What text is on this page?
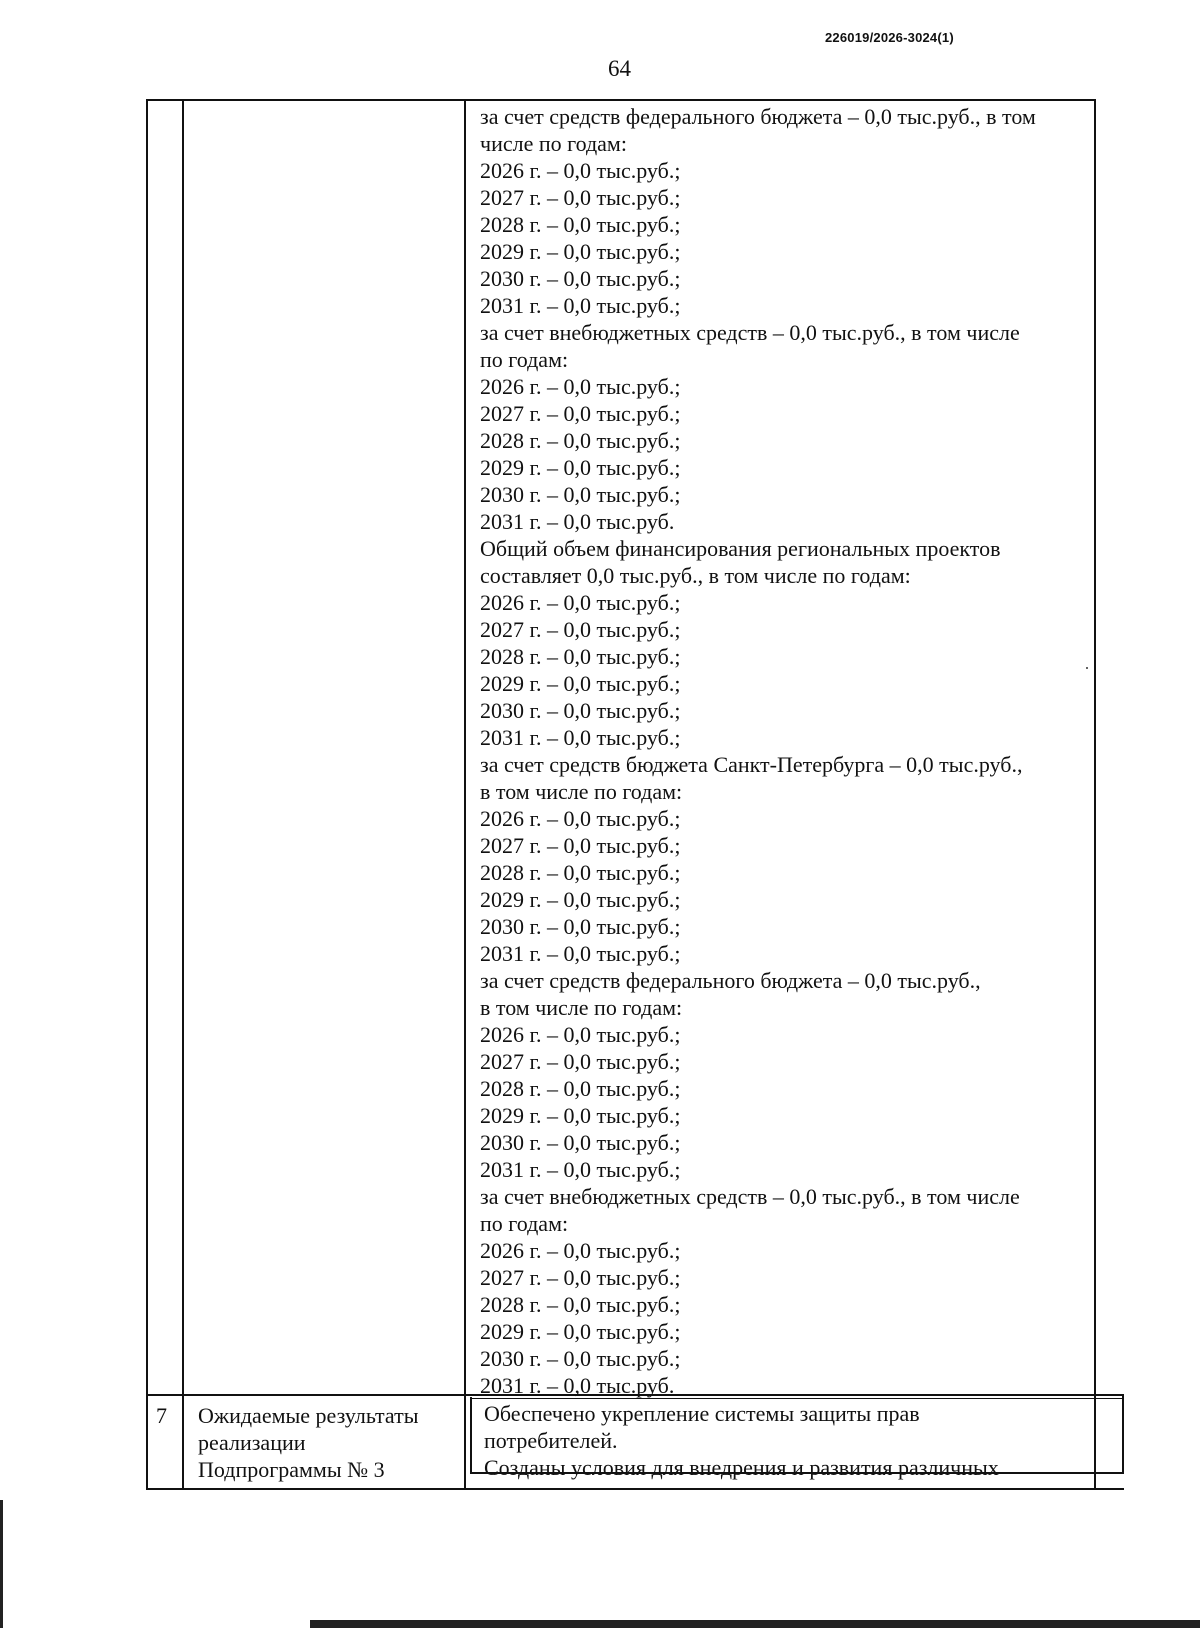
226019/2026-3024(1)
64
за счет средств федерального бюджета – 0,0 тыс.руб., в том
числе по годам:
2026 г. – 0,0 тыс.руб.;
2027 г. – 0,0 тыс.руб.;
2028 г. – 0,0 тыс.руб.;
2029 г. – 0,0 тыс.руб.;
2030 г. – 0,0 тыс.руб.;
2031 г. – 0,0 тыс.руб.;
за счет внебюджетных средств – 0,0 тыс.руб., в том числе
по годам:
2026 г. – 0,0 тыс.руб.;
2027 г. – 0,0 тыс.руб.;
2028 г. – 0,0 тыс.руб.;
2029 г. – 0,0 тыс.руб.;
2030 г. – 0,0 тыс.руб.;
2031 г. – 0,0 тыс.руб.
Общий объем финансирования региональных проектов
составляет 0,0 тыс.руб., в том числе по годам:
2026 г. – 0,0 тыс.руб.;
2027 г. – 0,0 тыс.руб.;
2028 г. – 0,0 тыс.руб.;
2029 г. – 0,0 тыс.руб.;
2030 г. – 0,0 тыс.руб.;
2031 г. – 0,0 тыс.руб.;
за счет средств бюджета Санкт-Петербурга – 0,0 тыс.руб.,
в том числе по годам:
2026 г. – 0,0 тыс.руб.;
2027 г. – 0,0 тыс.руб.;
2028 г. – 0,0 тыс.руб.;
2029 г. – 0,0 тыс.руб.;
2030 г. – 0,0 тыс.руб.;
2031 г. – 0,0 тыс.руб.;
за счет средств федерального бюджета – 0,0 тыс.руб.,
в том числе по годам:
2026 г. – 0,0 тыс.руб.;
2027 г. – 0,0 тыс.руб.;
2028 г. – 0,0 тыс.руб.;
2029 г. – 0,0 тыс.руб.;
2030 г. – 0,0 тыс.руб.;
2031 г. – 0,0 тыс.руб.;
за счет внебюджетных средств – 0,0 тыс.руб., в том числе
по годам:
2026 г. – 0,0 тыс.руб.;
2027 г. – 0,0 тыс.руб.;
2028 г. – 0,0 тыс.руб.;
2029 г. – 0,0 тыс.руб.;
2030 г. – 0,0 тыс.руб.;
2031 г. – 0,0 тыс.руб.
7 Ожидаемые результаты
реализации
Подпрограммы № 3
Обеспечено укрепление системы защиты прав
потребителей.
Созданы условия для внедрения и развития различных
